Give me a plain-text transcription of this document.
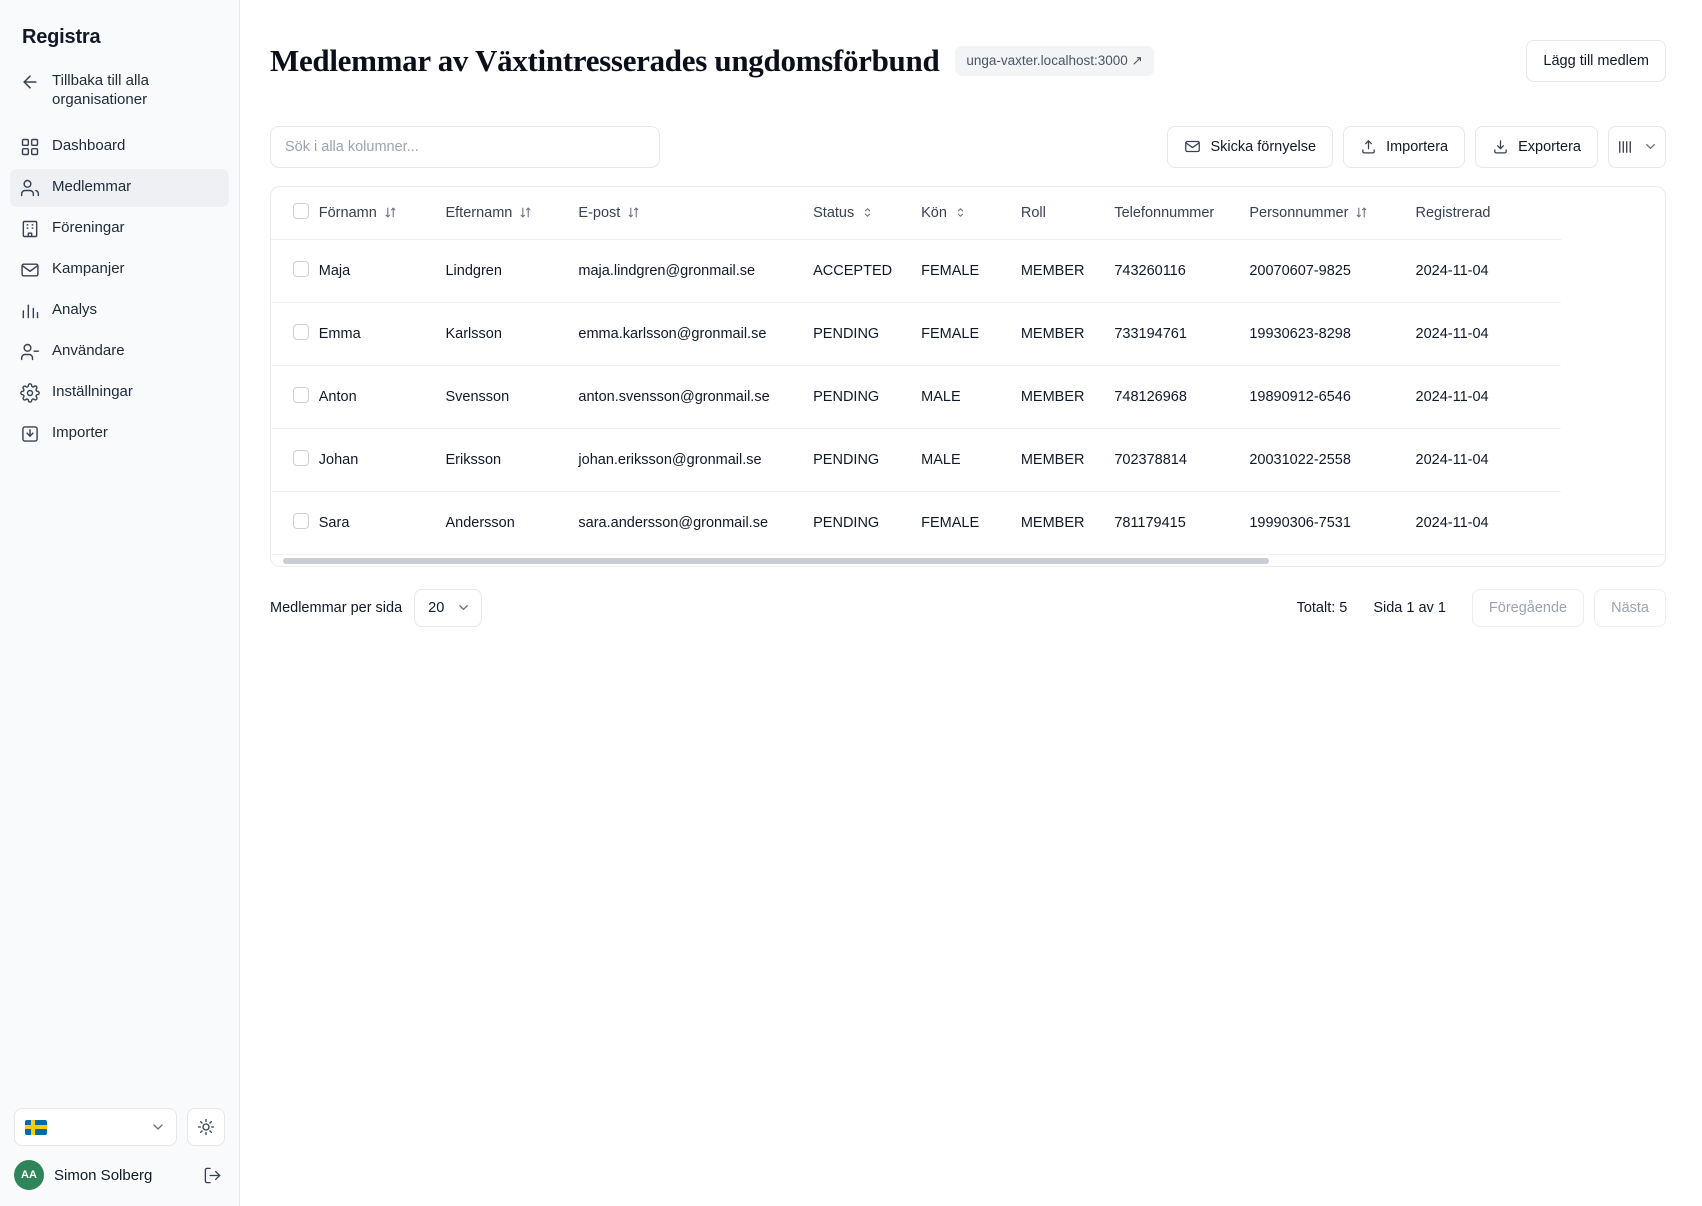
Registra
Tillbaka till alla organisationer
Dashboard
Medlemmar
Föreningar
Kampanjer
Analys
Användare
Inställningar
Importer
AA	Simon Solberg
Medlemmar av Växtintresserades ungdomsförbund	unga-vaxter.localhost:3000 ↗	Lägg till medlem
Sök i alla kolumner...
Skicka förnyelse	Importera	Exportera

	Förnamn	Efternamn	E-post	Status	Kön	Roll	Telefonnummer	Personnummer	Registrerad

	Maja	Lindgren	maja.lindgren@gronmail.se	ACCEPTED	FEMALE	MEMBER	743260116	20070607-9825	2024-11-04
	Emma	Karlsson	emma.karlsson@gronmail.se	PENDING	FEMALE	MEMBER	733194761	19930623-8298	2024-11-04
	Anton	Svensson	anton.svensson@gronmail.se	PENDING	MALE	MEMBER	748126968	19890912-6546	2024-11-04
	Johan	Eriksson	johan.eriksson@gronmail.se	PENDING	MALE	MEMBER	702378814	20031022-2558	2024-11-04
	Sara	Andersson	sara.andersson@gronmail.se	PENDING	FEMALE	MEMBER	781179415	19990306-7531	2024-11-04
Medlemmar per sida 20	Totalt: 5 Sida 1 av 1	Föregående	Nästa
